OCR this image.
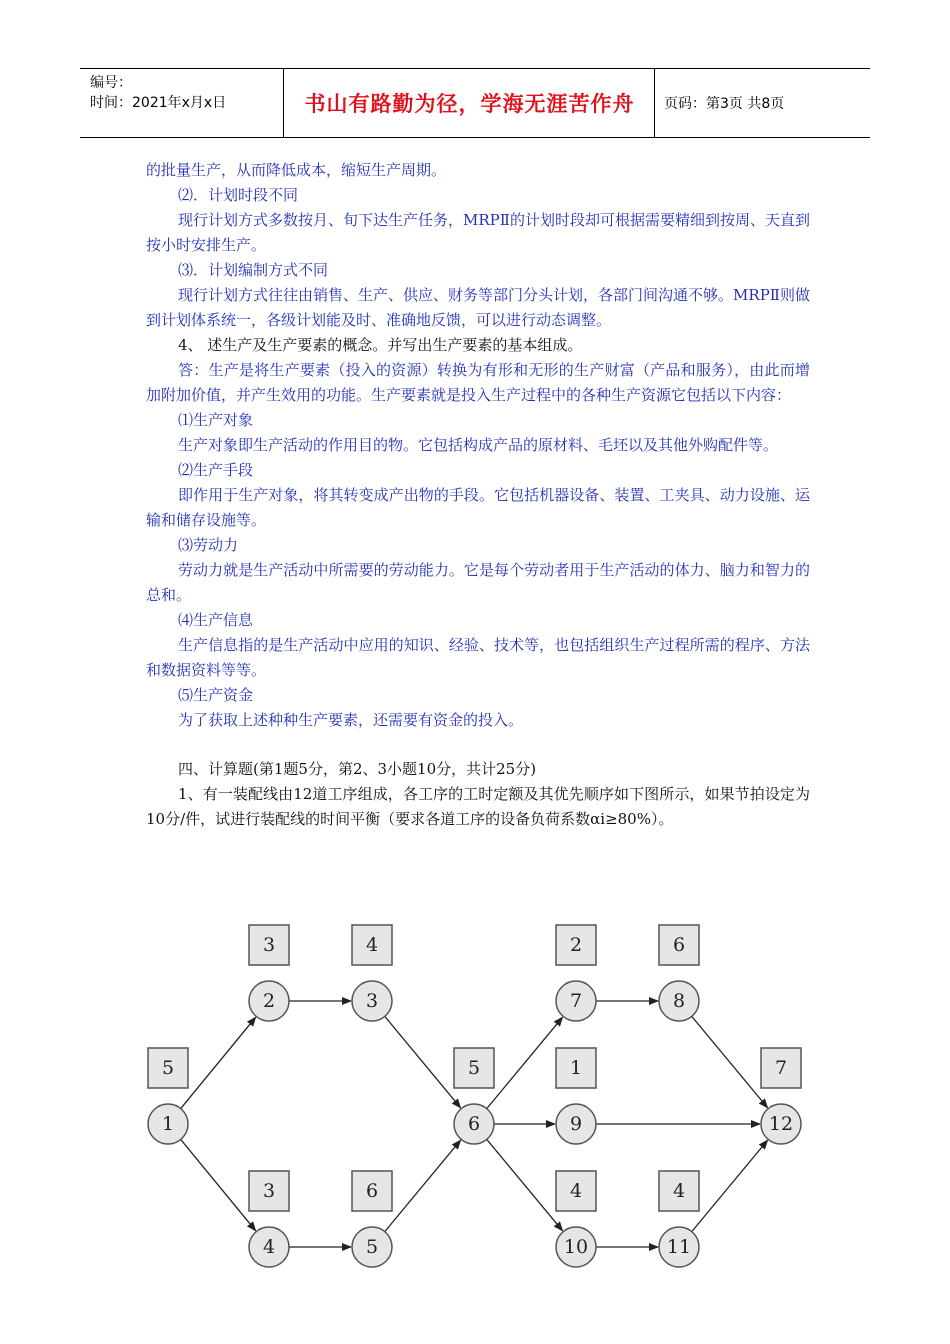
编号：
时间：2021年x月x日	书山有路勤为径，学海无涯苦作舟	页码：第3页 共8页

的批量生产，从而降低成本，缩短生产周期。

⑵．计划时段不同

现行计划方式多数按月、旬下达生产任务，MRPⅡ的计划时段却可根据需要精细到按周、天直到按小时安排生产。

⑶．计划编制方式不同

现行计划方式往往由销售、生产、供应、财务等部门分头计划，各部门间沟通不够。MRPⅡ则做到计划体系统一，各级计划能及时、准确地反馈，可以进行动态调整。

4、 述生产及生产要素的概念。并写出生产要素的基本组成。

答：生产是将生产要素（投入的资源）转换为有形和无形的生产财富（产品和服务），由此而增加附加价值，并产生效用的功能。生产要素就是投入生产过程中的各种生产资源它包括以下内容：

⑴生产对象

生产对象即生产活动的作用目的物。它包括构成产品的原材料、毛坯以及其他外购配件等。

⑵生产手段

即作用于生产对象，将其转变成产出物的手段。它包括机器设备、装置、工夹具、动力设施、运输和储存设施等。

⑶劳动力

劳动力就是生产活动中所需要的劳动能力。它是每个劳动者用于生产活动的体力、脑力和智力的总和。

⑷生产信息

生产信息指的是生产活动中应用的知识、经验、技术等，也包括组织生产过程所需的程序、方法和数据资料等等。

⑸生产资金

为了获取上述种种生产要素，还需要有资金的投入。

四、计算题(第1题5分，第2、3小题10分，共计25分)

1、有一装配线由12道工序组成，各工序的工时定额及其优先顺序如下图所示，如果节拍设定为10分/件，试进行装配线的时间平衡（要求各道工序的设备负荷系数αi≥80%）。

5
1
3
2
4
3
3
4
6
5
5
6
2
7
6
8
1
9
4
10
4
11
7
12
